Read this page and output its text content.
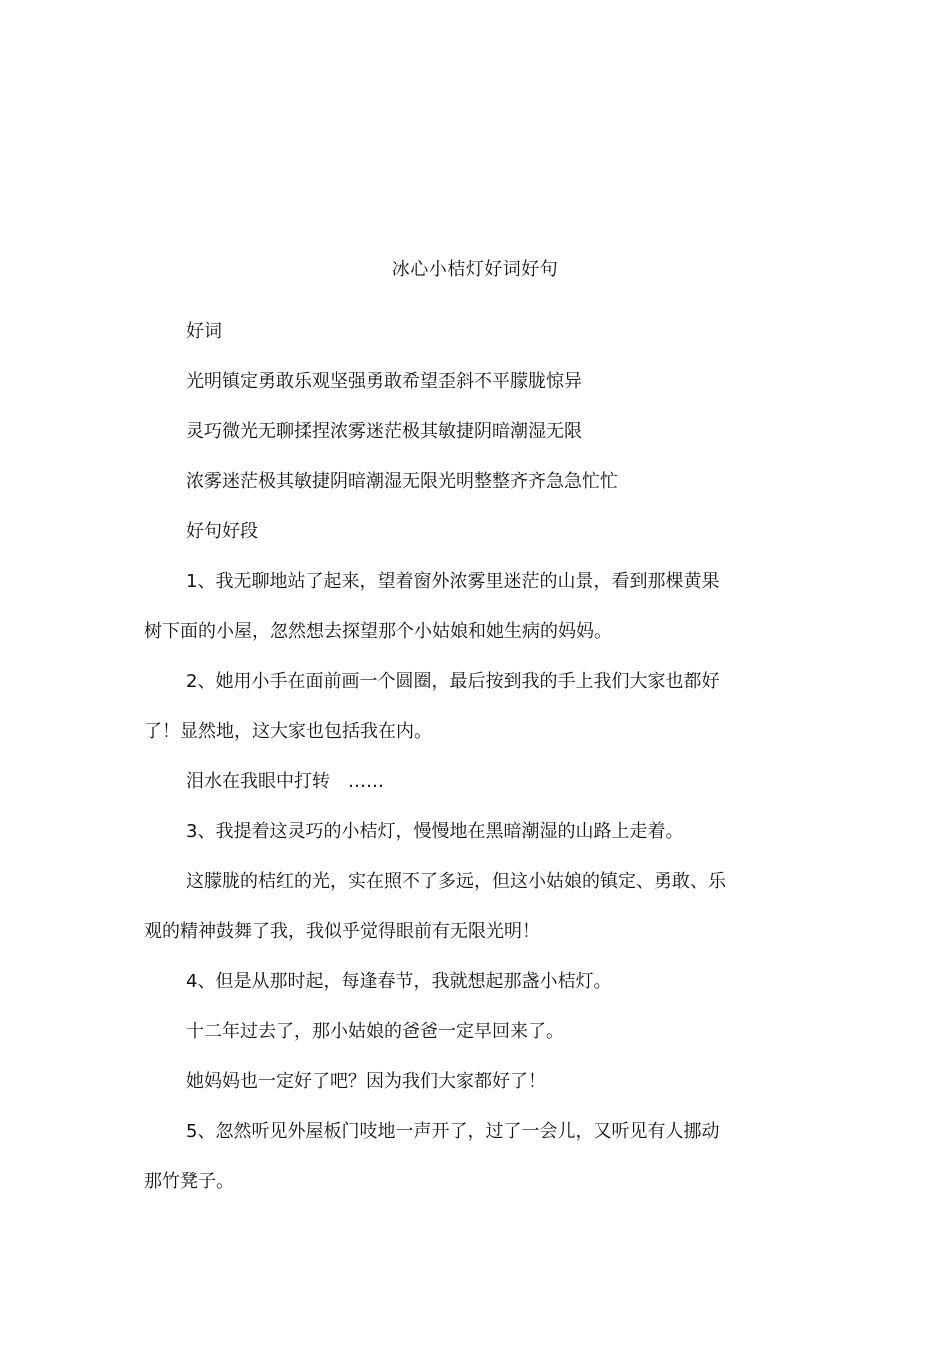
冰心小桔灯好词好句
好词
光明镇定勇敢乐观坚强勇敢希望歪斜不平朦胧惊异
灵巧微光无聊揉捏浓雾迷茫极其敏捷阴暗潮湿无限
浓雾迷茫极其敏捷阴暗潮湿无限光明整整齐齐急急忙忙
好句好段
1、我无聊地站了起来，望着窗外浓雾里迷茫的山景，看到那棵黄果
树下面的小屋，忽然想去探望那个小姑娘和她生病的妈妈。
2、她用小手在面前画一个圆圈，最后按到我的手上我们大家也都好
了！显然地，这大家也包括我在内。
泪水在我眼中打转　……
3、我提着这灵巧的小桔灯，慢慢地在黑暗潮湿的山路上走着。
这朦胧的桔红的光，实在照不了多远，但这小姑娘的镇定、勇敢、乐
观的精神鼓舞了我，我似乎觉得眼前有无限光明！
4、但是从那时起，每逢春节，我就想起那盏小桔灯。
十二年过去了，那小姑娘的爸爸一定早回来了。
她妈妈也一定好了吧？因为我们大家都好了！
5、忽然听见外屋板门吱地一声开了，过了一会儿，又听见有人挪动
那竹凳子。
